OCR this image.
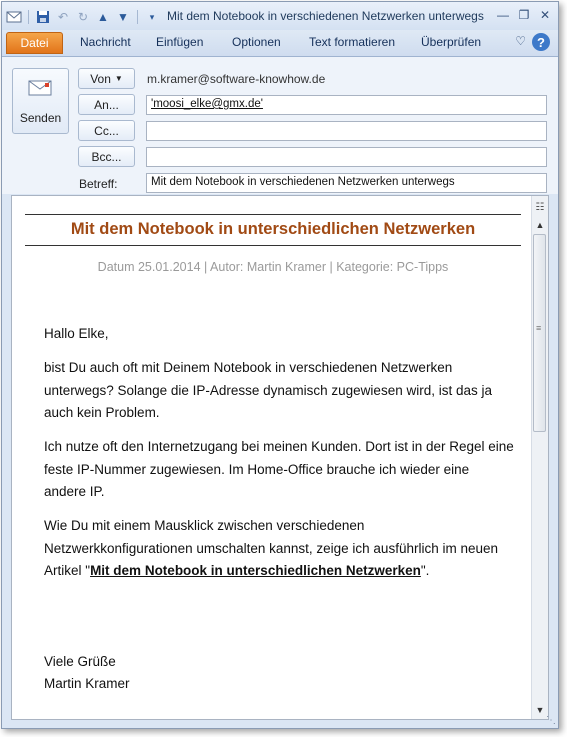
↶ ↻ ▲ ▼	▾	Mit dem Notebook in verschiedenen Netzwerken unterwegs — ❐ ✕
Datei	Nachricht Einfügen Optionen Text formatieren Überprüfen	♡ ?
Senden
Von ▼ m.kramer@software-knowhow.de
An...	'moosi_elke@gmx.de'
Cc...
Bcc...
Betreff:	Mit dem Notebook in verschiedenen Netzwerken unterwegs
Mit dem Notebook in unterschiedlichen Netzwerken
Datum 25.01.2014 | Autor: Martin Kramer | Kategorie: PC-Tipps
Hallo Elke,
bist Du auch oft mit Deinem Notebook in verschiedenen Netzwerken unterwegs? Solange die IP-Adresse dynamisch zugewiesen wird, ist das ja auch kein Problem.
Ich nutze oft den Internetzugang bei meinen Kunden. Dort ist in der Regel eine feste IP-Nummer zugewiesen. Im Home-Office brauche ich wieder eine andere IP.
Wie Du mit einem Mausklick zwischen verschiedenen Netzwerkkonfigurationen umschalten kannst, zeige ich ausführlich im neuen Artikel "Mit dem Notebook in unterschiedlichen Netzwerken".
Viele Grüße
Martin Kramer
☷
▲
≡
▼
⋱
